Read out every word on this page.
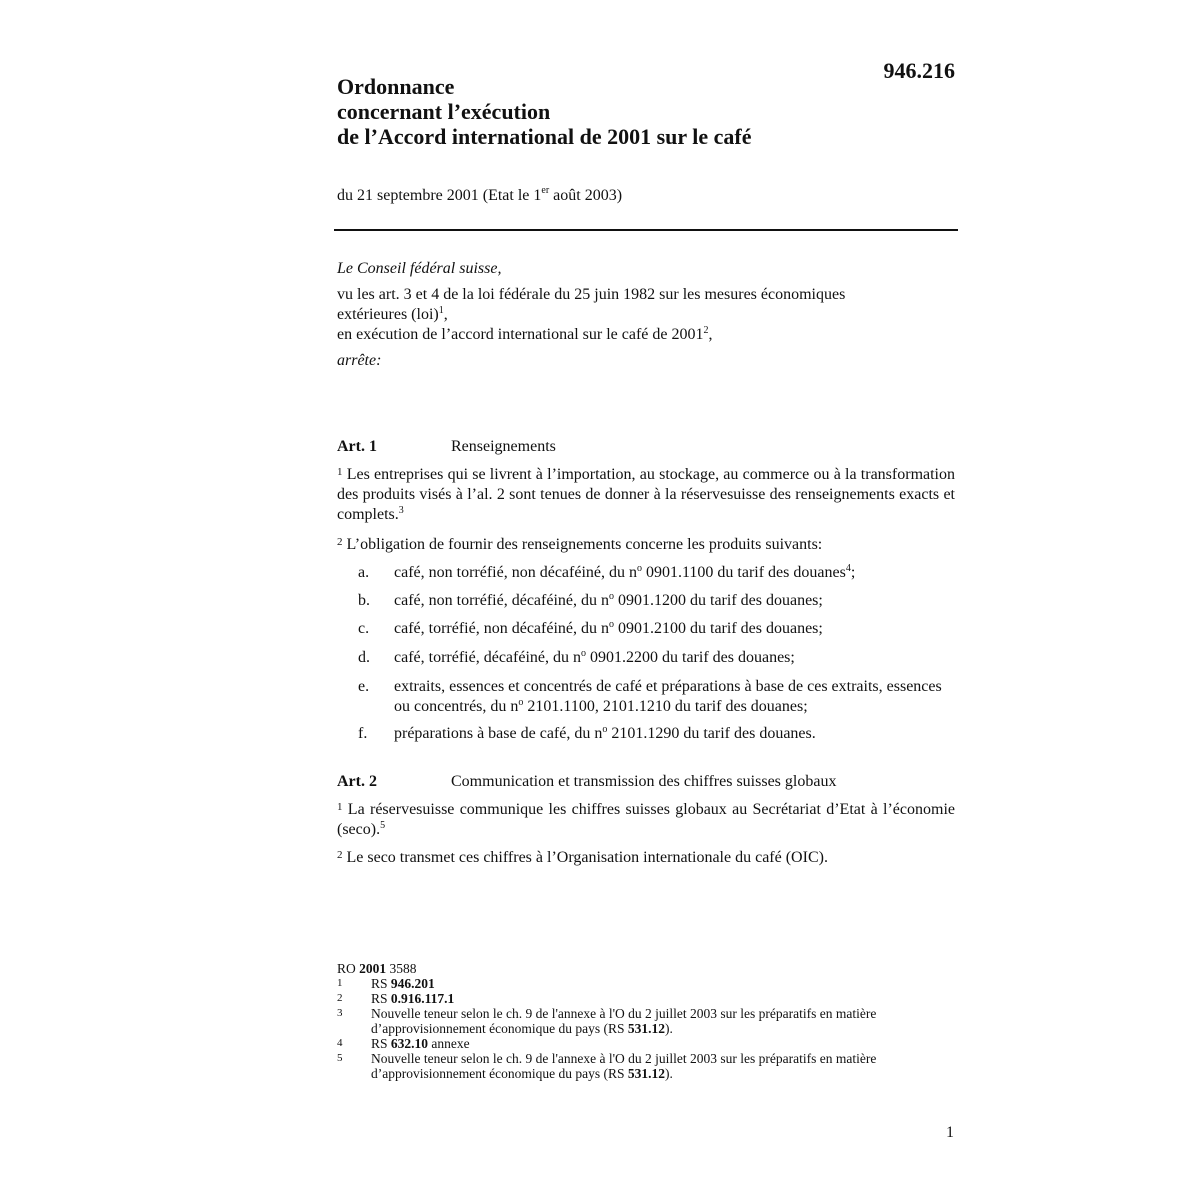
946.216
Ordonnance
concernant l’exécution
de l’Accord international de 2001 sur le café
du 21 septembre 2001 (Etat le 1er août 2003)
Le Conseil fédéral suisse,
vu les art. 3 et 4 de la loi fédérale du 25 juin 1982 sur les mesures économiques
extérieures (loi)$^1$,
en exécution de l’accord international sur le café de 2001$^2$,
arrête:
Art. 1	Renseignements
$^1$ Les entreprises qui se livrent à l’importation, au stockage, au commerce ou à la transformation des produits visés à l’al. 2 sont tenues de donner à la réservesuisse des renseignements exacts et complets.$^3$
$^2$ L’obligation de fournir des renseignements concerne les produits suivants:
a. café, non torréfié, non décaféiné, du n$^o$ 0901.1100 du tarif des douanes$^4$;
b. café, non torréfié, décaféiné, du n$^o$ 0901.1200 du tarif des douanes;
c. café, torréfié, non décaféiné, du n$^o$ 0901.2100 du tarif des douanes;
d. café, torréfié, décaféiné, du n$^o$ 0901.2200 du tarif des douanes;
e. extraits, essences et concentrés de café et préparations à base de ces extraits, essences ou concentrés, du n$^o$ 2101.1100, 2101.1210 du tarif des douanes;
f. préparations à base de café, du n$^o$ 2101.1290 du tarif des douanes.
Art. 2	Communication et transmission des chiffres suisses globaux
$^1$ La réservesuisse communique les chiffres suisses globaux au Secrétariat d’Etat à l’économie (seco).$^5$
$^2$ Le seco transmet ces chiffres à l’Organisation internationale du café (OIC).
RO 2001 3588
1 RS 946.201
2 RS 0.916.117.1
3 Nouvelle teneur selon le ch. 9 de l'annexe à l'O du 2 juillet 2003 sur les préparatifs en matière d’approvisionnement économique du pays (RS 531.12).
4 RS 632.10 annexe
5 Nouvelle teneur selon le ch. 9 de l'annexe à l'O du 2 juillet 2003 sur les préparatifs en matière d’approvisionnement économique du pays (RS 531.12).
1
